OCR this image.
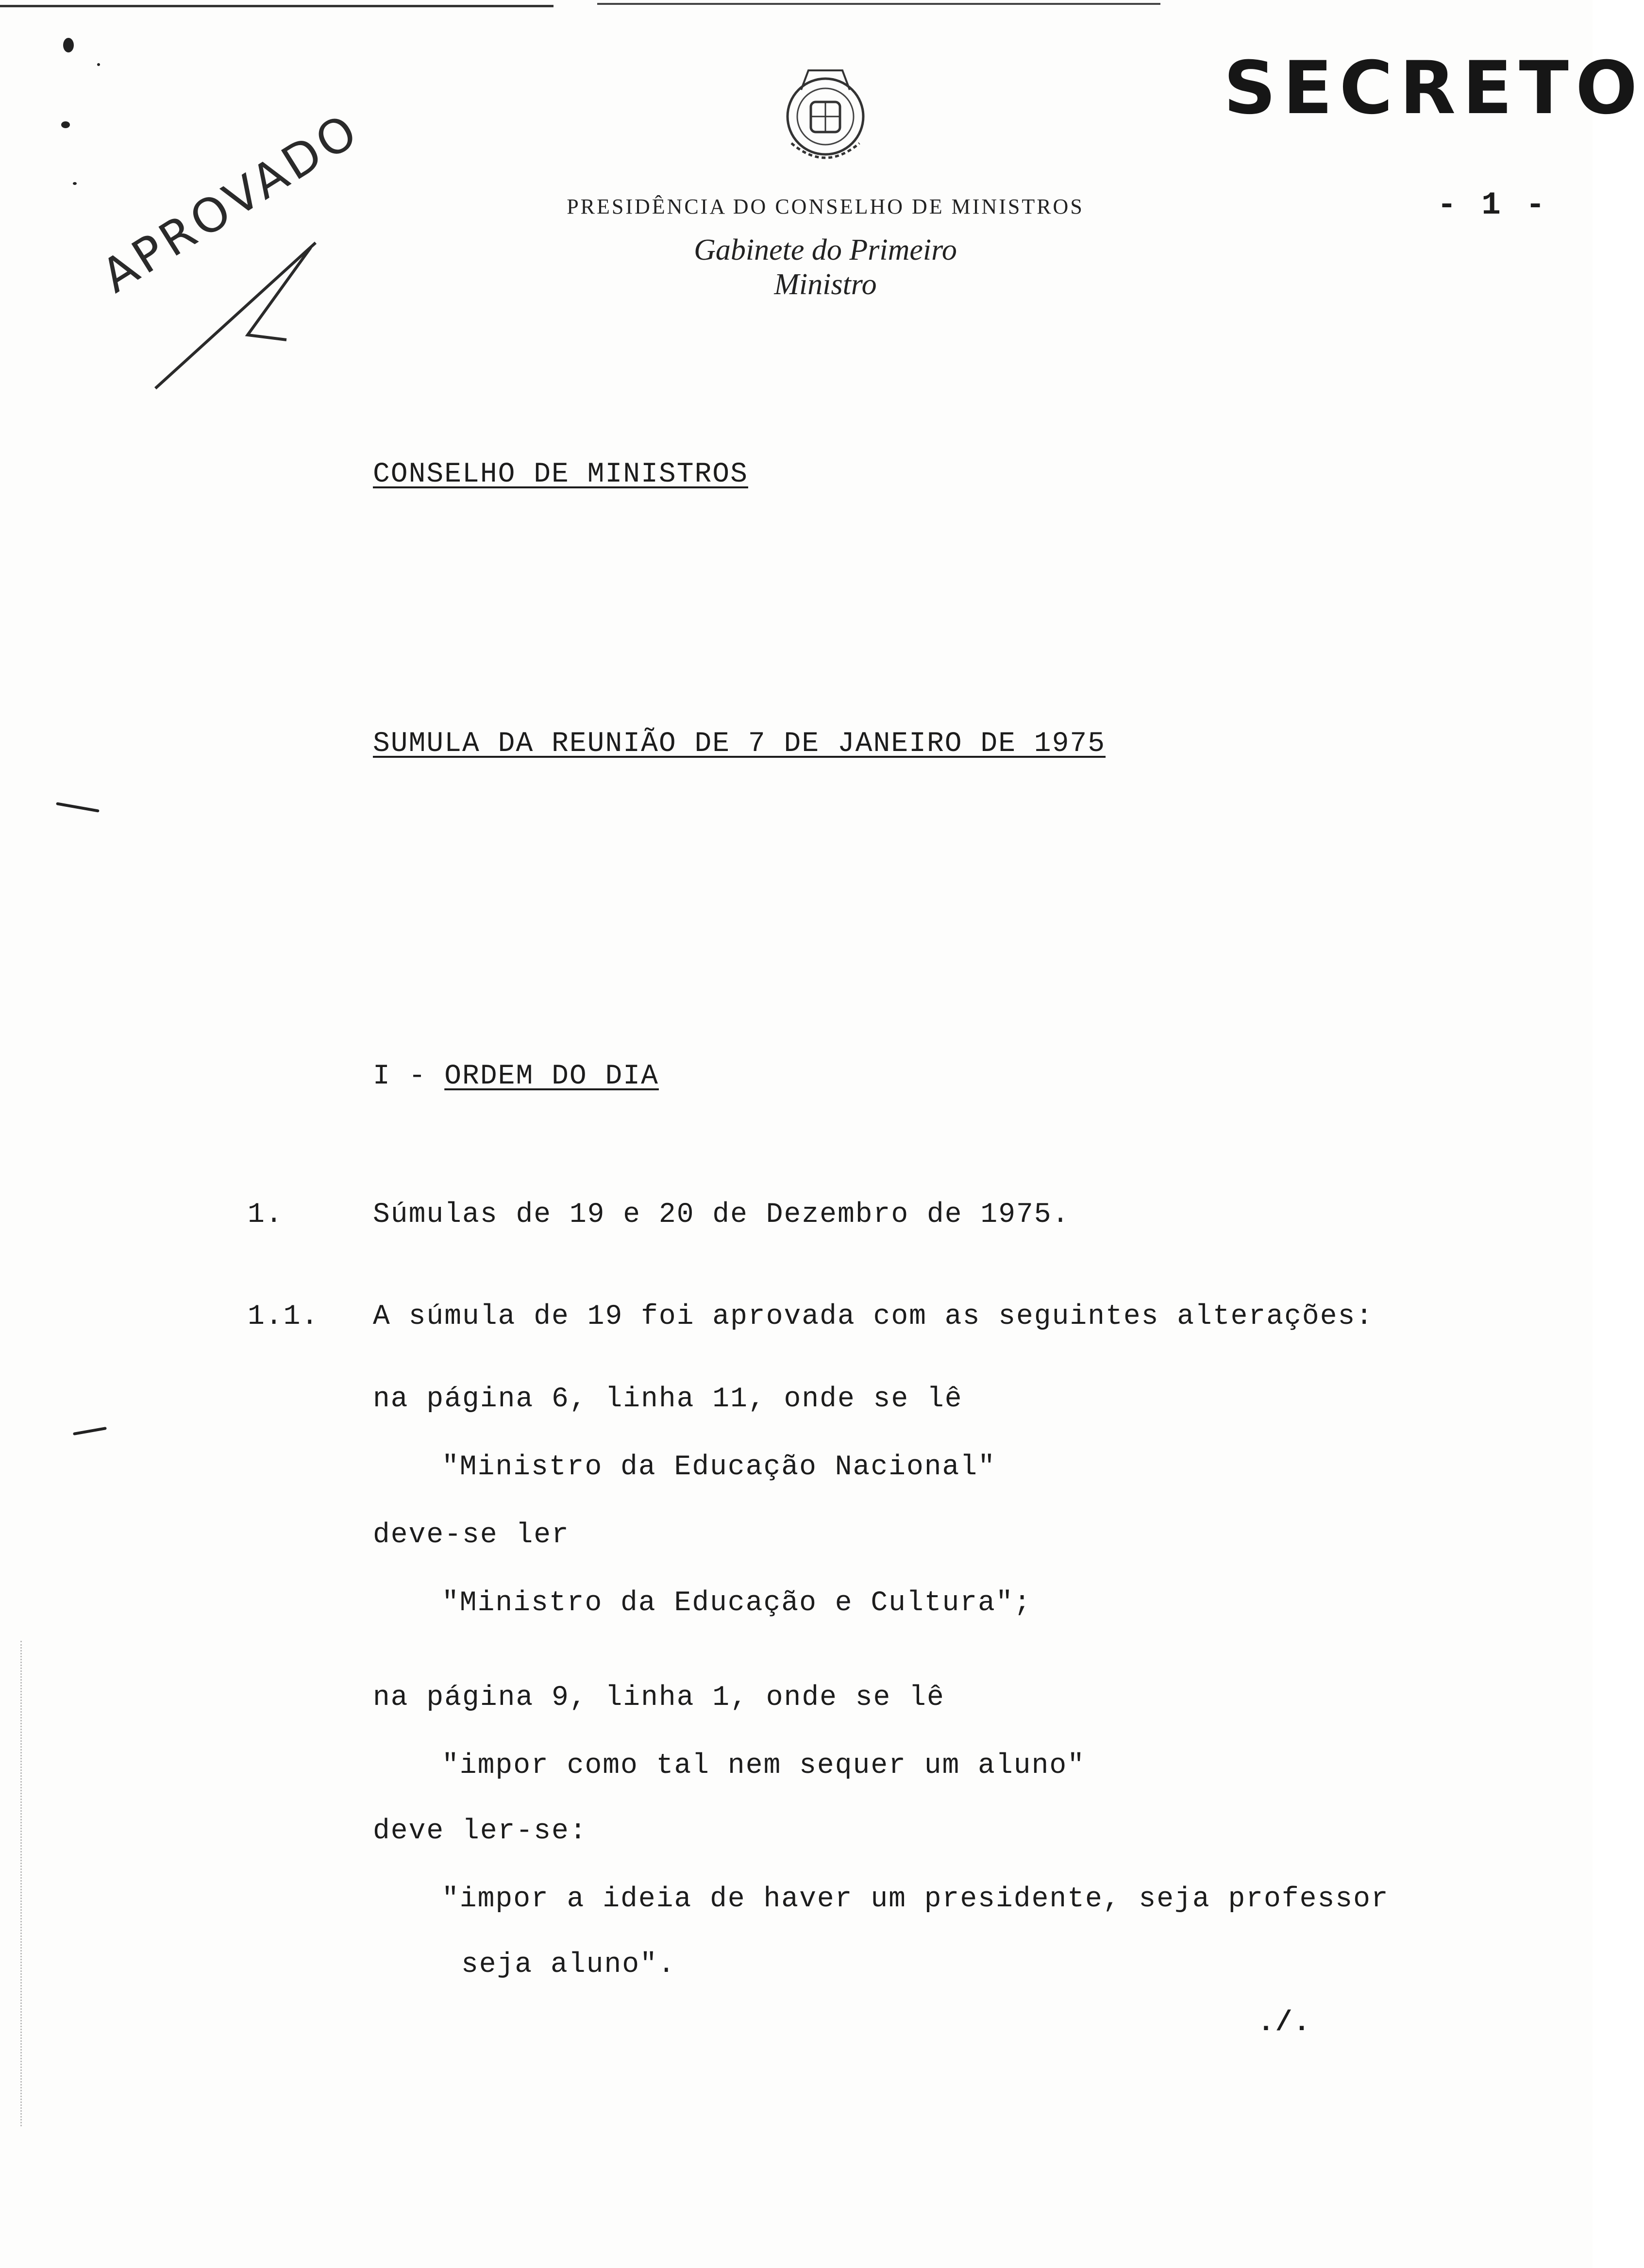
SECRETO
- 1 -
PRESIDÊNCIA DO CONSELHO DE MINISTROS
Gabinete do Primeiro Ministro
APROVADO
CONSELHO DE MINISTROS
SUMULA DA REUNIÃO DE 7 DE JANEIRO DE 1975
I - ORDEM DO DIA
1.	Súmulas de 19 e 20 de Dezembro de 1975.
1.1. A súmula de 19 foi aprovada com as seguintes alterações:
na página 6, linha 11, onde se lê
"Ministro da Educação Nacional"
deve-se ler
"Ministro da Educação e Cultura";
na página 9, linha 1, onde se lê
"impor como tal nem sequer um aluno"
deve ler-se:
"impor a ideia de haver um presidente, seja professor
seja aluno".
./.
